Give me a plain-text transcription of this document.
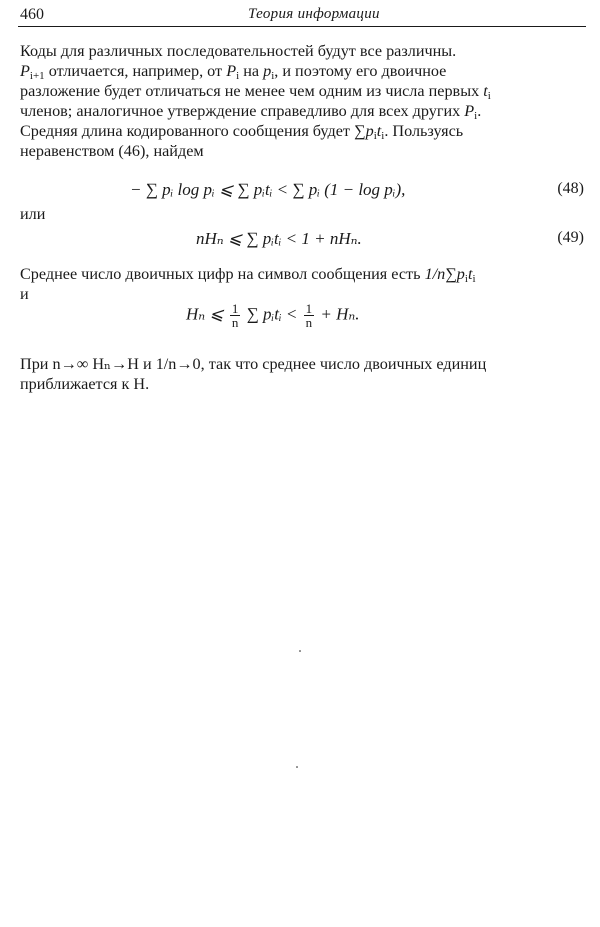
460	Теория информации
Коды для различных последовательностей будут все различны.
$P_{i+1}$ отличается, например, от $P_i$ на $p_i$, и поэтому его двоичное
разложение будет отличаться не менее чем одним из числа первых $t_i$
членов; аналогичное утверждение справедливо для всех других $P_i$.
Средняя длина кодированного сообщения будет $\sum p_it_i$. Пользуясь
неравенством (46), найдем
− ∑ pᵢ log pᵢ ⩽ ∑ pᵢtᵢ < ∑ pᵢ (1 − log pᵢ),	(48)
или
nHₙ ⩽ ∑ pᵢtᵢ < 1 + nHₙ.	(49)
Среднее число двоичных цифр на символ сообщения есть $1/n\sum p_it_i$
и
Hₙ ⩽ $\frac{1}{n}$ ∑ pᵢtᵢ < $\frac{1}{n} + H_n$.
При n→∞ Hₙ→H и 1/n→0, так что среднее число двоичных единиц
приближается к H.
